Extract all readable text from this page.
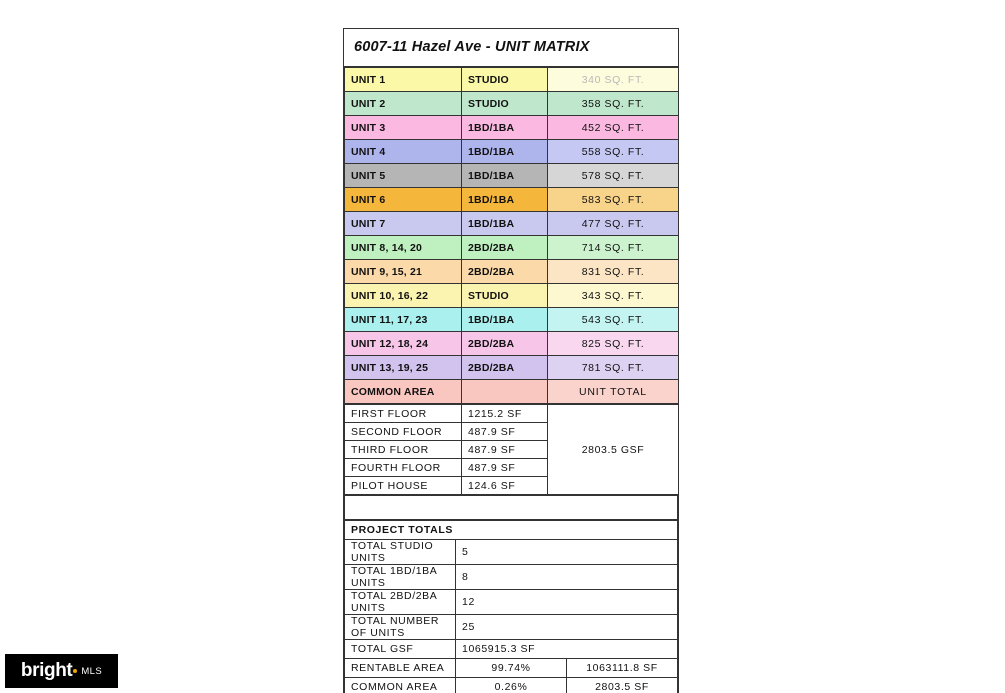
6007-11 Hazel Ave - UNIT MATRIX
UNIT 1	STUDIO	340 SQ. FT.
UNIT 2	STUDIO	358 SQ. FT.
UNIT 3	1BD/1BA	452 SQ. FT.
UNIT 4	1BD/1BA	558 SQ. FT.
UNIT 5	1BD/1BA	578 SQ. FT.
UNIT 6	1BD/1BA	583 SQ. FT.
UNIT 7	1BD/1BA	477 SQ. FT.
UNIT 8, 14, 20	2BD/2BA	714 SQ. FT.
UNIT 9, 15, 21	2BD/2BA	831 SQ. FT.
UNIT 10, 16, 22	STUDIO	343 SQ. FT.
UNIT 11, 17, 23	1BD/1BA	543 SQ. FT.
UNIT 12, 18, 24	2BD/2BA	825 SQ. FT.
UNIT 13, 19, 25	2BD/2BA	781 SQ. FT.
COMMON AREA		UNIT TOTAL
FIRST FLOOR	1215.2 SF	2803.5 GSF
SECOND FLOOR	487.9 SF	
THIRD FLOOR	487.9 SF	
FOURTH FLOOR	487.9 SF	
PILOT HOUSE	124.6 SF	
PROJECT TOTALS		
TOTAL STUDIO UNITS	5	
TOTAL 1BD/1BA UNITS	8	
TOTAL 2BD/2BA UNITS	12	
TOTAL NUMBER OF UNITS	25	
TOTAL GSF	1065915.3 SF	
RENTABLE AREA	99.74%	1063111.8 SF
COMMON AREA	0.26%	2803.5 SF
bright MLS
